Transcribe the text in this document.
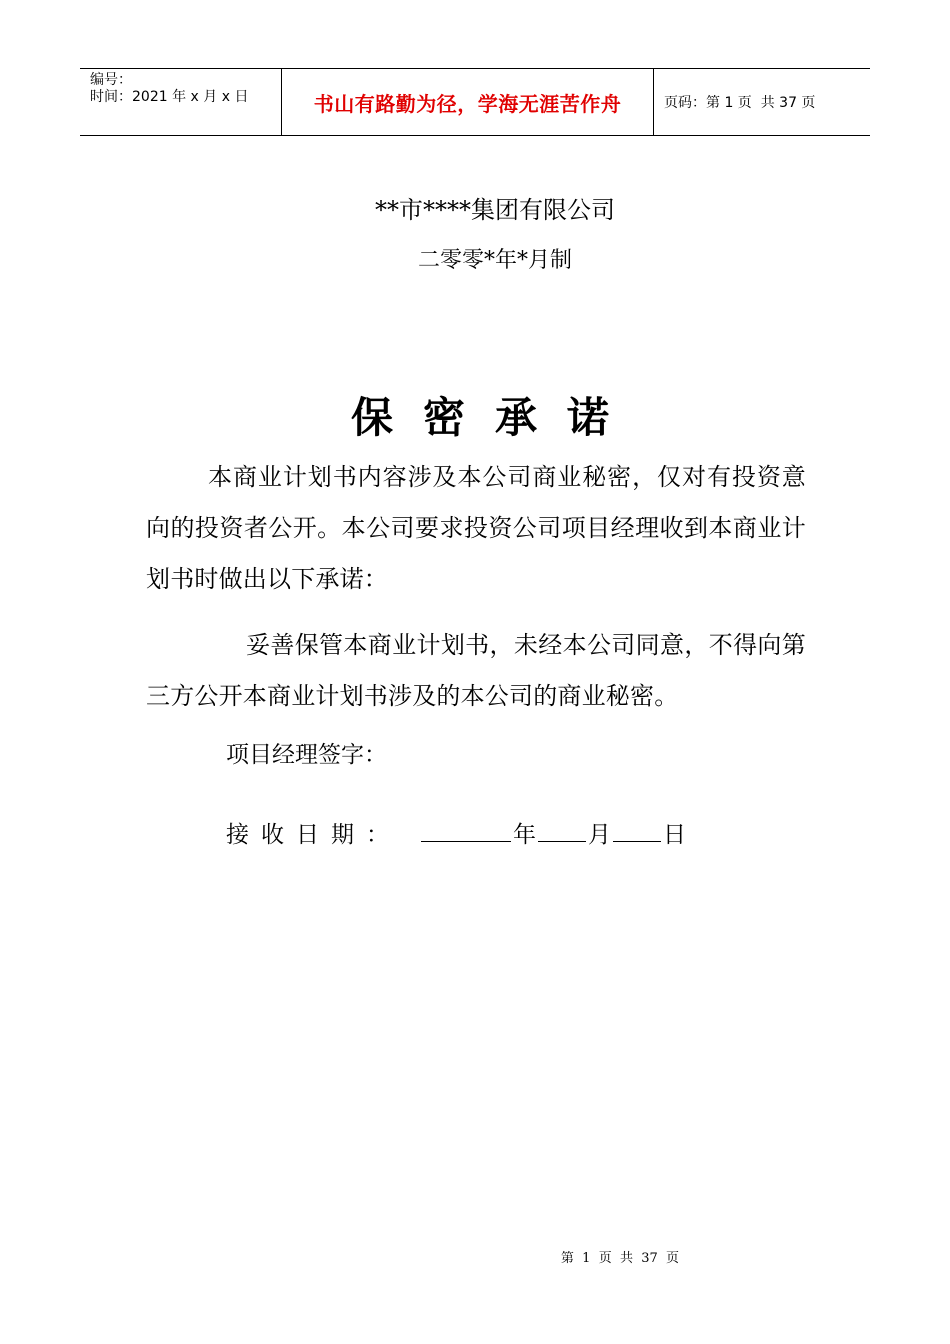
编号：
时间：2021 年 x 月 x 日	书山有路勤为径，学海无涯苦作舟	页码：第 1 页  共 37 页
**市****集团有限公司
二零零*年*月制
保密承诺
本商业计划书内容涉及本公司商业秘密，仅对有投资意向的投资者公开。本公司要求投资公司项目经理收到本商业计划书时做出以下承诺：
妥善保管本商业计划书，未经本公司同意，不得向第三方公开本商业计划书涉及的本公司的商业秘密。
项目经理签字：
接收日期：	年 月 日
第  1  页  共  37  页
